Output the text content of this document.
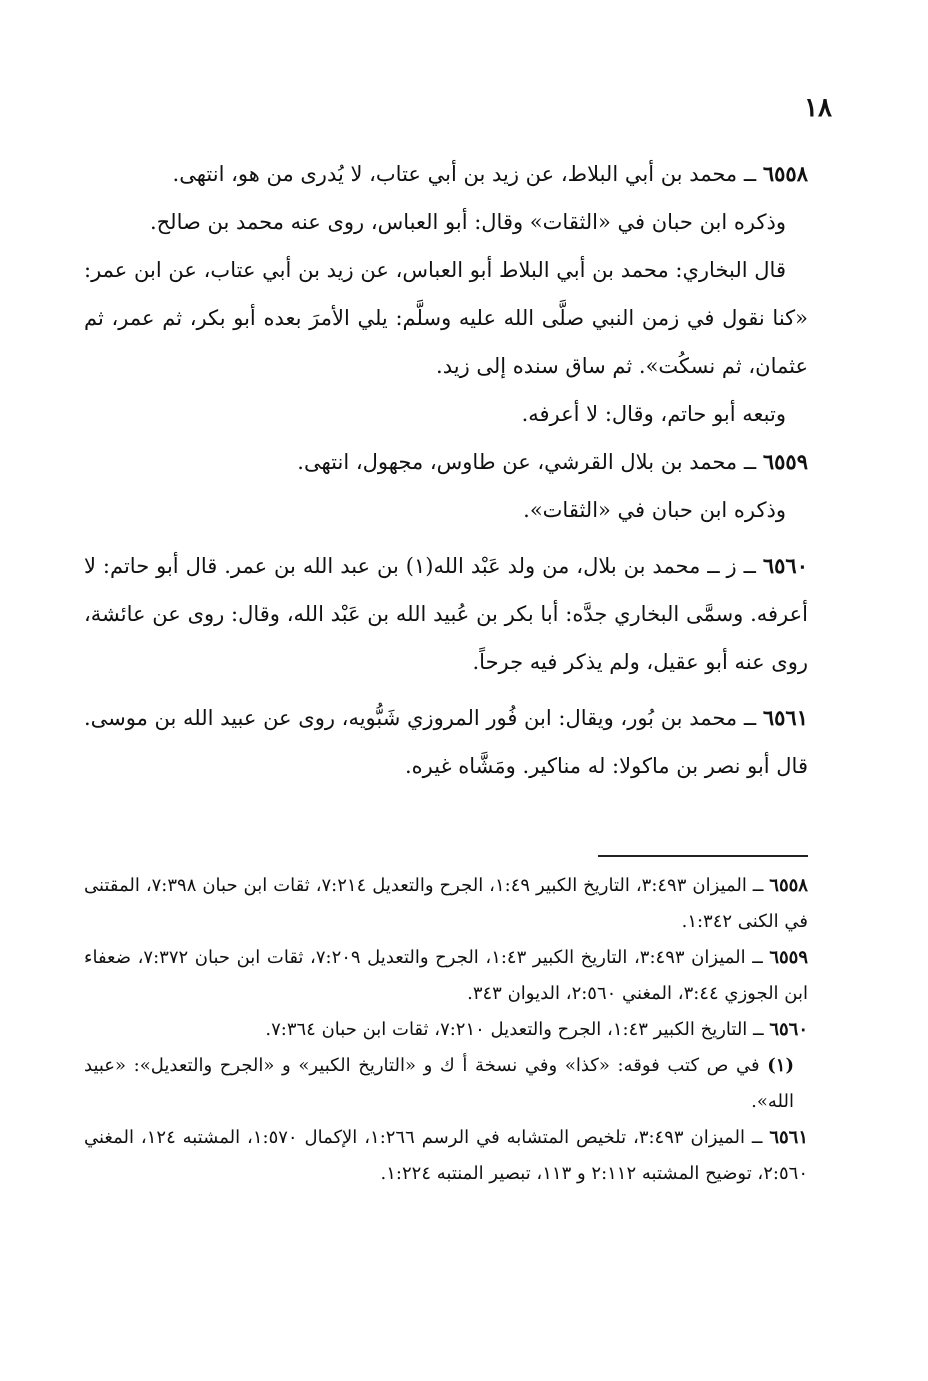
١٨

٦٥٥٨ ــ محمد بن أبي البلاط، عن زيد بن أبي عتاب، لا يُدرى من هو، انتهى.

وذكره ابن حبان في «الثقات» وقال: أبو العباس، روى عنه محمد بن صالح.

قال البخاري: محمد بن أبي البلاط أبو العباس، عن زيد بن أبي عتاب، عن ابن عمر: «كنا نقول في زمن النبي صلَّى الله عليه وسلَّم: يلي الأمرَ بعده أبو بكر، ثم عمر، ثم عثمان، ثم نسكُت». ثم ساق سنده إلى زيد.

وتبعه أبو حاتم، وقال: لا أعرفه.

٦٥٥٩ ــ محمد بن بلال القرشي، عن طاوس، مجهول، انتهى.

وذكره ابن حبان في «الثقات».

٦٥٦٠ ــ ز ــ محمد بن بلال، من ولد عَبْد الله(١) بن عبد الله بن عمر. قال أبو حاتم: لا أعرفه. وسمَّى البخاري جدَّه: أبا بكر بن عُبيد الله بن عَبْد الله، وقال: روى عن عائشة، روى عنه أبو عقيل، ولم يذكر فيه جرحاً.

٦٥٦١ ــ محمد بن بُور، ويقال: ابن فُور المروزي شَبُّويه، روى عن عبيد الله بن موسى. قال أبو نصر بن ماكولا: له مناكير. ومَشَّاه غيره.

٦٥٥٨ ــ الميزان ٣:٤٩٣، التاريخ الكبير ١:٤٩، الجرح والتعديل ٧:٢١٤، ثقات ابن حبان ٧:٣٩٨، المقتنى في الكنى ١:٣٤٢.

٦٥٥٩ ــ الميزان ٣:٤٩٣، التاريخ الكبير ١:٤٣، الجرح والتعديل ٧:٢٠٩، ثقات ابن حبان ٧:٣٧٢، ضعفاء ابن الجوزي ٣:٤٤، المغني ٢:٥٦٠، الديوان ٣٤٣.

٦٥٦٠ ــ التاريخ الكبير ١:٤٣، الجرح والتعديل ٧:٢١٠، ثقات ابن حبان ٧:٣٦٤.

(١) في ص كتب فوقه: «كذا» وفي نسخة أ ك و «التاريخ الكبير» و «الجرح والتعديل»: «عبيد الله».

٦٥٦١ ــ الميزان ٣:٤٩٣، تلخيص المتشابه في الرسم ١:٢٦٦، الإكمال ١:٥٧٠، المشتبه ١٢٤، المغني ٢:٥٦٠، توضيح المشتبه ٢:١١٢ و ١١٣، تبصير المنتبه ١:٢٢٤.
